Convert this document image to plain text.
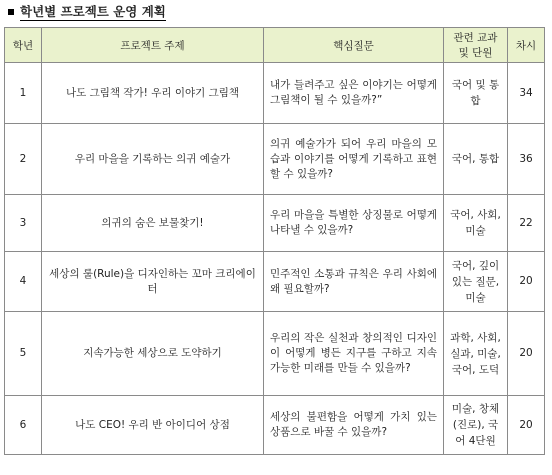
학년별 프로젝트 운영 계획
학년	프로젝트 주제	핵심질문	관련 교과 및 단원	차시
1	나도 그림책 작가! 우리 이야기 그림책	내가 들려주고 싶은 이야기는 어떻게 그림책이 될 수 있을까?”	국어 및 통합	34
2	우리 마을을 기록하는 의귀 예술가	의귀 예술가가 되어 우리 마을의 모습과 이야기를 어떻게 기록하고 표현할 수 있을까?	국어, 통합	36
3	의귀의 숨은 보물찾기!	우리 마을을 특별한 상징물로 어떻게 나타낼 수 있을까?	국어, 사회, 미술	22
4	세상의 룰(Rule)을 디자인하는 꼬마 크리에이터	민주적인 소통과 규칙은 우리 사회에 왜 필요할까?	국어, 깊이있는 질문, 미술	20
5	지속가능한 세상으로 도약하기	우리의 작은 실천과 창의적인 디자인이 어떻게 병든 지구를 구하고 지속가능한 미래를 만들 수 있을까?	과학, 사회, 실과, 미술, 국어, 도덕	20
6	나도 CEO! 우리 반 아이디어 상점	세상의 불편함을 어떻게 가치 있는 상품으로 바꿀 수 있을까?	미술, 창체(진로), 국어 4단원	20
